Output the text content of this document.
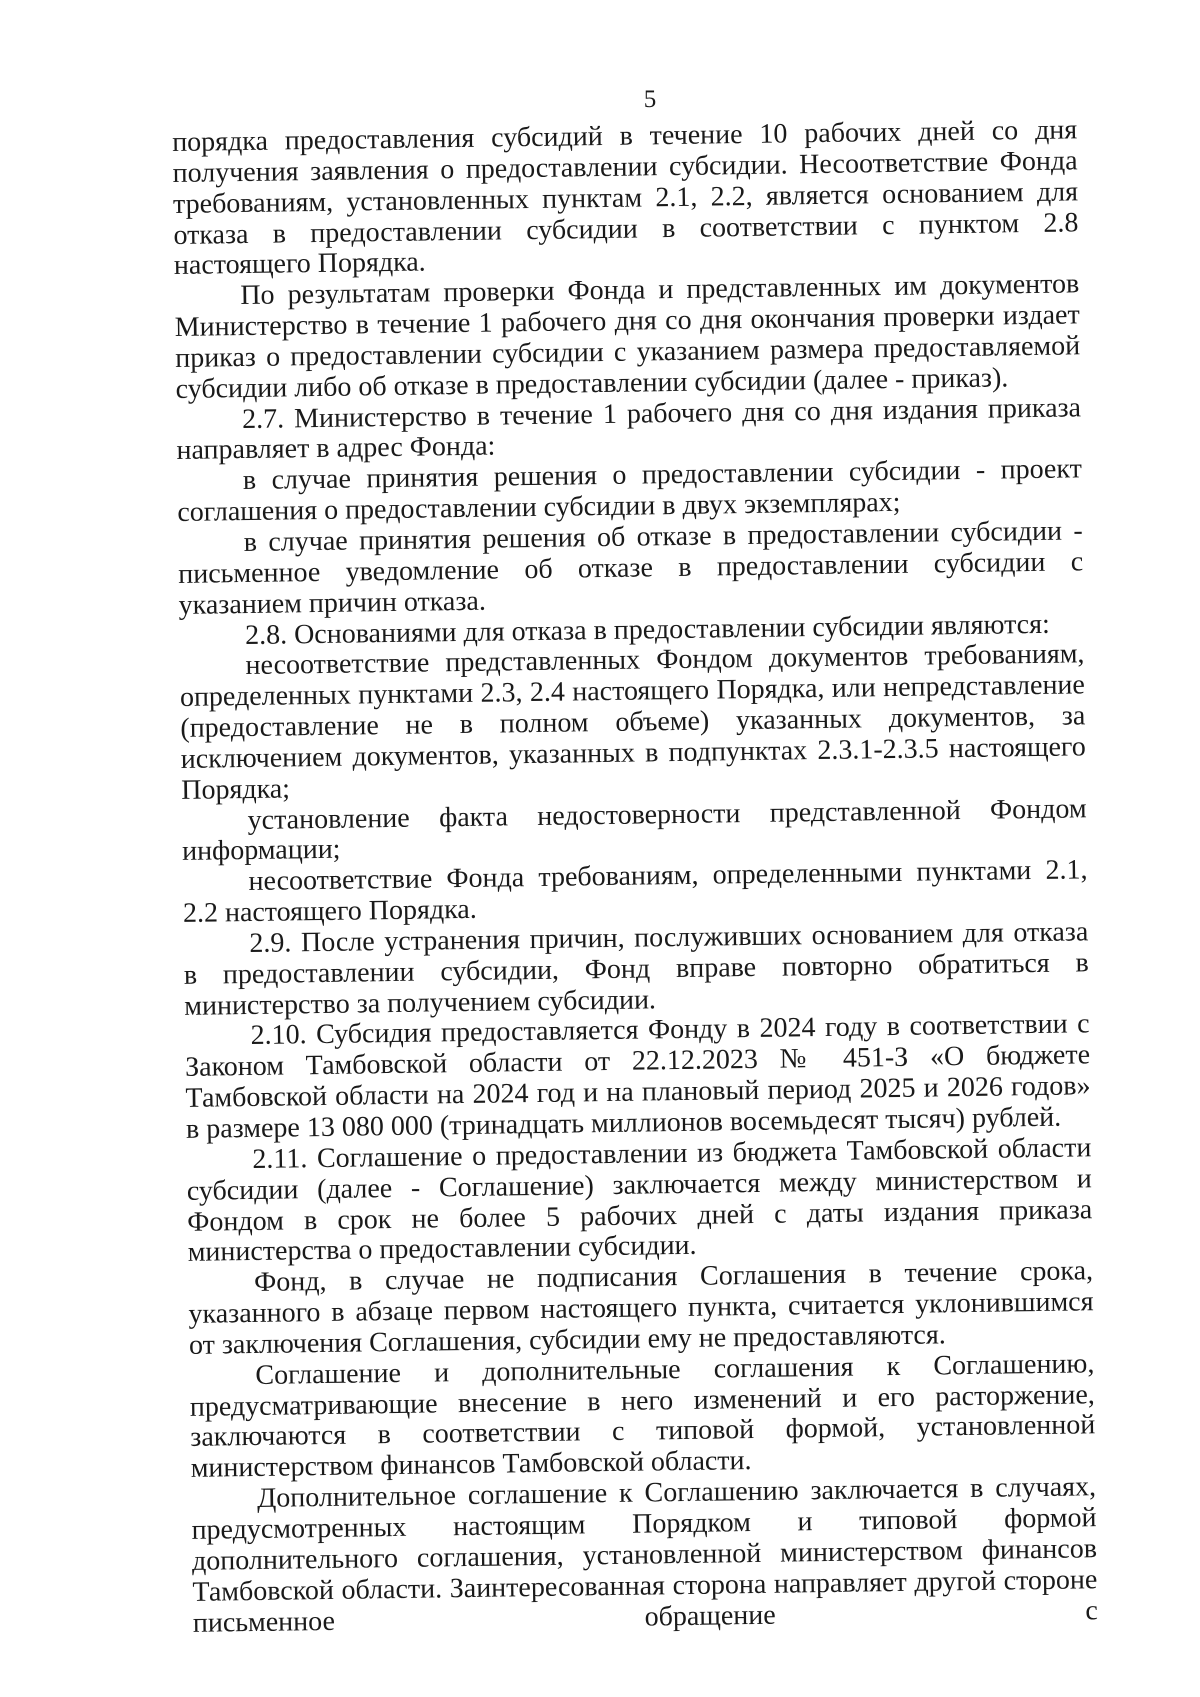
5

порядка предоставления субсидий в течение 10 рабочих дней со дня получения заявления о предоставлении субсидии. Несоответствие Фонда требованиям, установленных пунктам 2.1, 2.2, является основанием для отказа в предоставлении субсидии в соответствии с пунктом 2.8 настоящего Порядка.

По результатам проверки Фонда и представленных им документов Министерство в течение 1 рабочего дня со дня окончания проверки издает приказ о предоставлении субсидии с указанием размера предоставляемой субсидии либо об отказе в предоставлении субсидии (далее - приказ).

2.7. Министерство в течение 1 рабочего дня со дня издания приказа направляет в адрес Фонда:

в случае принятия решения о предоставлении субсидии - проект соглашения о предоставлении субсидии в двух экземплярах;

в случае принятия решения об отказе в предоставлении субсидии - письменное уведомление об отказе в предоставлении субсидии с указанием причин отказа.

2.8. Основаниями для отказа в предоставлении субсидии являются:

несоответствие представленных Фондом документов требованиям, определенных пунктами 2.3, 2.4 настоящего Порядка, или непредставление (предоставление не в полном объеме) указанных документов, за исключением документов, указанных в подпунктах 2.3.1-2.3.5 настоящего Порядка;

установление факта недостоверности представленной Фондом информации;

несоответствие Фонда требованиям, определенными пунктами 2.1, 2.2 настоящего Порядка.

2.9. После устранения причин, послуживших основанием для отказа в предоставлении субсидии, Фонд вправе повторно обратиться в министерство за получением субсидии.

2.10. Субсидия предоставляется Фонду в 2024 году в соответствии с Законом Тамбовской области от 22.12.2023 № 451-З «О бюджете Тамбовской области на 2024 год и на плановый период 2025 и 2026 годов» в размере 13 080 000 (тринадцать миллионов восемьдесят тысяч) рублей.

2.11. Соглашение о предоставлении из бюджета Тамбовской области субсидии (далее - Соглашение) заключается между министерством и Фондом в срок не более 5 рабочих дней с даты издания приказа министерства о предоставлении субсидии.

Фонд, в случае не подписания Соглашения в течение срока, указанного в абзаце первом настоящего пункта, считается уклонившимся от заключения Соглашения, субсидии ему не предоставляются.

Соглашение и дополнительные соглашения к Соглашению, предусматривающие внесение в него изменений и его расторжение, заключаются в соответствии с типовой формой, установленной министерством финансов Тамбовской области.

Дополнительное соглашение к Соглашению заключается в случаях, предусмотренных настоящим Порядком и типовой формой дополнительного соглашения, установленной министерством финансов Тамбовской области. Заинтересованная сторона направляет другой стороне письменное обращение с
